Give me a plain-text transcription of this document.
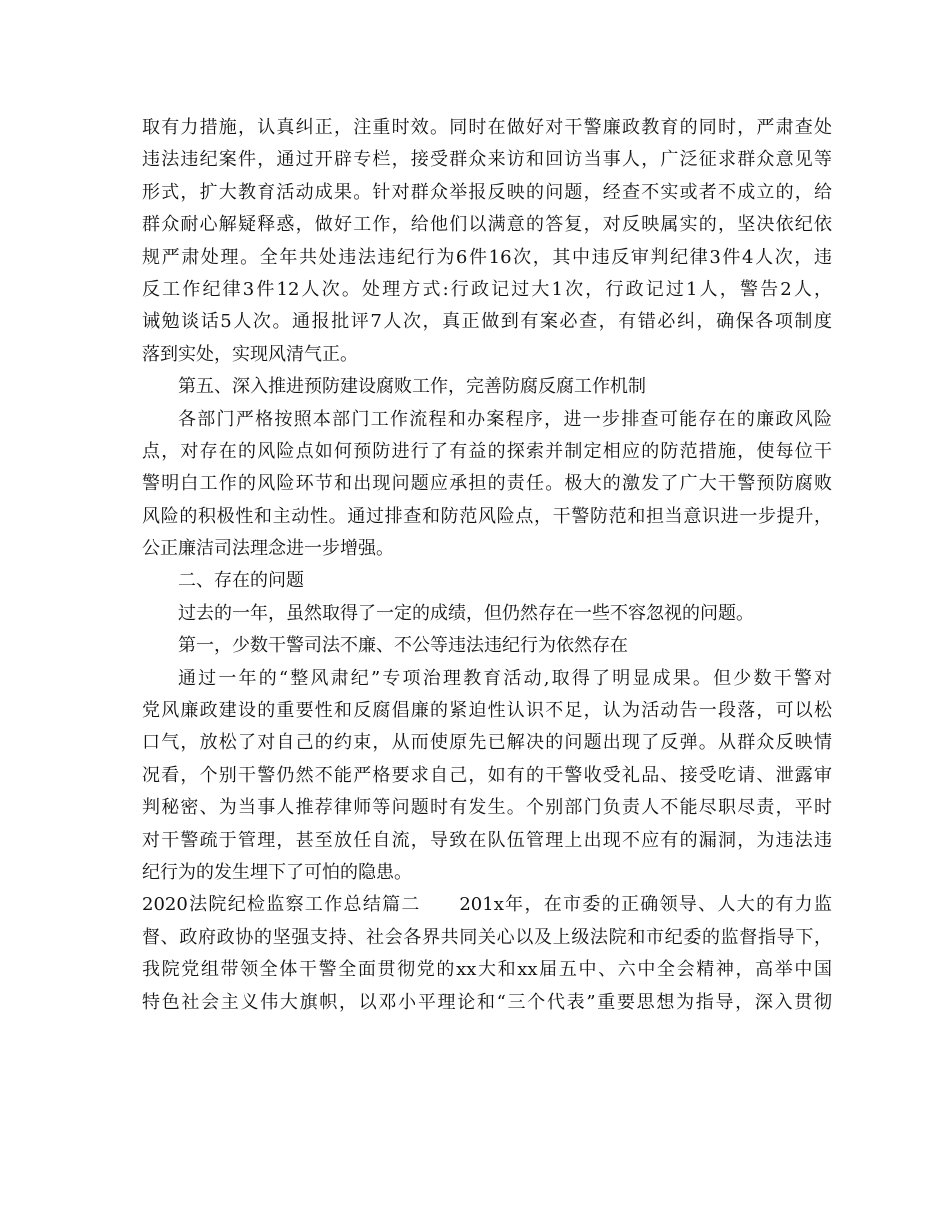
取有力措施，认真纠正，注重时效。同时在做好对干警廉政教育的同时，严肃查处
违法违纪案件，通过开辟专栏，接受群众来访和回访当事人，广泛征求群众意见等
形式，扩大教育活动成果。针对群众举报反映的问题，经查不实或者不成立的，给
群众耐心解疑释惑，做好工作，给他们以满意的答复，对反映属实的，坚决依纪依
规严肃处理。全年共处违法违纪行为6件16次，其中违反审判纪律3件4人次，违
反工作纪律3件12人次。处理方式:行政记过大1次，行政记过1人，警告2人，
诫勉谈话5人次。通报批评7人次，真正做到有案必查，有错必纠，确保各项制度
落到实处，实现风清气正。
第五、深入推进预防建设腐败工作，完善防腐反腐工作机制
各部门严格按照本部门工作流程和办案程序，进一步排查可能存在的廉政风险
点，对存在的风险点如何预防进行了有益的探索并制定相应的防范措施，使每位干
警明白工作的风险环节和出现问题应承担的责任。极大的激发了广大干警预防腐败
风险的积极性和主动性。通过排查和防范风险点，干警防范和担当意识进一步提升，
公正廉洁司法理念进一步增强。
二、存在的问题
过去的一年，虽然取得了一定的成绩，但仍然存在一些不容忽视的问题。
第一，少数干警司法不廉、不公等违法违纪行为依然存在
通过一年的“整风肃纪”专项治理教育活动,取得了明显成果。但少数干警对
党风廉政建设的重要性和反腐倡廉的紧迫性认识不足，认为活动告一段落，可以松
口气，放松了对自己的约束，从而使原先已解决的问题出现了反弹。从群众反映情
况看，个别干警仍然不能严格要求自己，如有的干警收受礼品、接受吃请、泄露审
判秘密、为当事人推荐律师等问题时有发生。个别部门负责人不能尽职尽责，平时
对干警疏于管理，甚至放任自流，导致在队伍管理上出现不应有的漏洞，为违法违
纪行为的发生埋下了可怕的隐患。
2020法院纪检监察工作总结篇二　　201x年，在市委的正确领导、人大的有力监
督、政府政协的坚强支持、社会各界共同关心以及上级法院和市纪委的监督指导下，
我院党组带领全体干警全面贯彻党的xx大和xx届五中、六中全会精神，高举中国
特色社会主义伟大旗帜，以邓小平理论和“三个代表”重要思想为指导，深入贯彻
